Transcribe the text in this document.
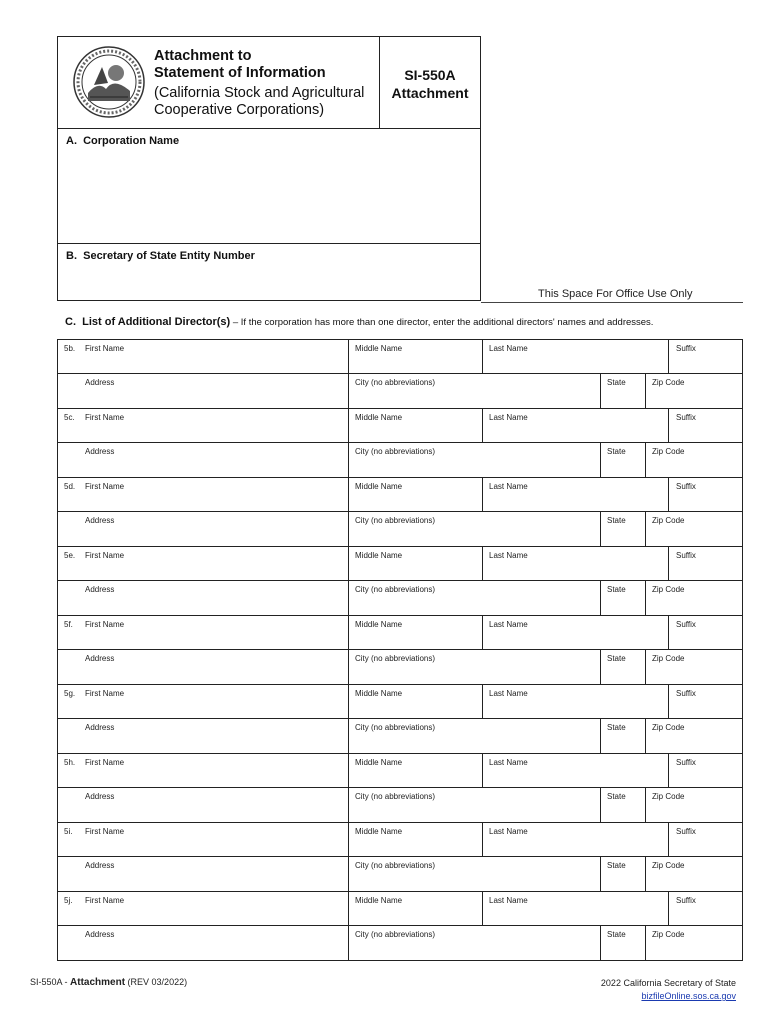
Attachment to
Statement of Information
(California Stock and Agricultural
Cooperative Corporations)
SI-550A
Attachment
A.  Corporation Name
B.  Secretary of State Entity Number
This Space For Office Use Only
C.  List of Additional Director(s) – If the corporation has more than one director, enter the additional directors' names and addresses.
5b. First Name	Middle Name	Last Name	Suffix
Address	City (no abbreviations)	State	Zip Code
5c. First Name	Middle Name	Last Name	Suffix
Address	City (no abbreviations)	State	Zip Code
5d. First Name	Middle Name	Last Name	Suffix
Address	City (no abbreviations)	State	Zip Code
5e. First Name	Middle Name	Last Name	Suffix
Address	City (no abbreviations)	State	Zip Code
5f. First Name	Middle Name	Last Name	Suffix
Address	City (no abbreviations)	State	Zip Code
5g. First Name	Middle Name	Last Name	Suffix
Address	City (no abbreviations)	State	Zip Code
5h. First Name	Middle Name	Last Name	Suffix
Address	City (no abbreviations)	State	Zip Code
5i. First Name	Middle Name	Last Name	Suffix
Address	City (no abbreviations)	State	Zip Code
5j. First Name	Middle Name	Last Name	Suffix
Address	City (no abbreviations)	State	Zip Code
SI-550A - Attachment (REV 03/2022)	2022 California Secretary of State
bizfileOnline.sos.ca.gov
